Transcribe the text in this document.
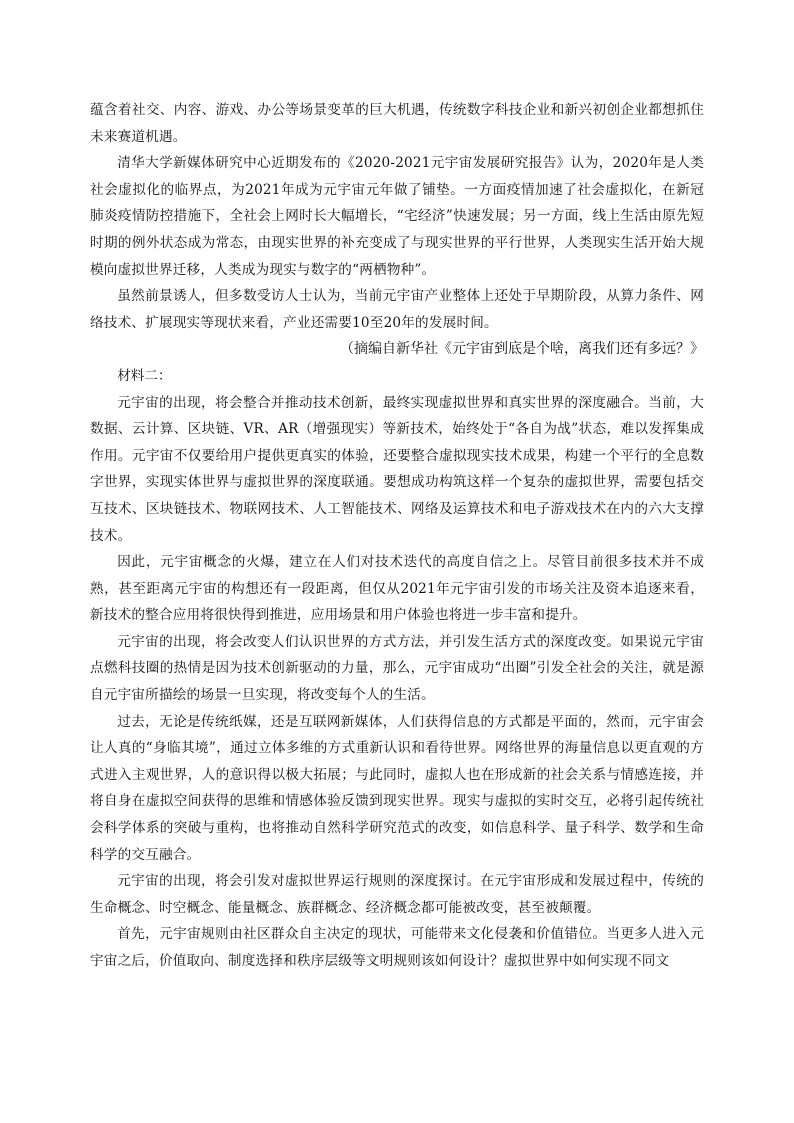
蕴含着社交、内容、游戏、办公等场景变革的巨大机遇，传统数字科技企业和新兴初创企业都想抓住未来赛道机遇。

清华大学新媒体研究中心近期发布的《2020-2021元宇宙发展研究报告》认为，2020年是人类社会虚拟化的临界点，为2021年成为元宇宙元年做了铺垫。一方面疫情加速了社会虚拟化，在新冠肺炎疫情防控措施下，全社会上网时长大幅增长，“宅经济”快速发展；另一方面，线上生活由原先短时期的例外状态成为常态，由现实世界的补充变成了与现实世界的平行世界，人类现实生活开始大规模向虚拟世界迁移，人类成为现实与数字的“两栖物种”。

虽然前景诱人，但多数受访人士认为，当前元宇宙产业整体上还处于早期阶段，从算力条件、网络技术、扩展现实等现状来看，产业还需要10至20年的发展时间。

（摘编自新华社《元宇宙到底是个啥，离我们还有多远？》

材料二：

元宇宙的出现，将会整合并推动技术创新，最终实现虚拟世界和真实世界的深度融合。当前，大数据、云计算、区块链、VR、AR（增强现实）等新技术，始终处于“各自为战”状态，难以发挥集成作用。元宇宙不仅要给用户提供更真实的体验，还要整合虚拟现实技术成果，构建一个平行的全息数字世界，实现实体世界与虚拟世界的深度联通。要想成功构筑这样一个复杂的虚拟世界，需要包括交互技术、区块链技术、物联网技术、人工智能技术、网络及运算技术和电子游戏技术在内的六大支撑技术。

因此，元宇宙概念的火爆，建立在人们对技术迭代的高度自信之上。尽管目前很多技术并不成熟，甚至距离元宇宙的构想还有一段距离，但仅从2021年元宇宙引发的市场关注及资本追逐来看，新技术的整合应用将很快得到推进，应用场景和用户体验也将进一步丰富和提升。

元宇宙的出现，将会改变人们认识世界的方式方法，并引发生活方式的深度改变。如果说元宇宙点燃科技圈的热情是因为技术创新驱动的力量，那么，元宇宙成功“出圈”引发全社会的关注，就是源自元宇宙所描绘的场景一旦实现，将改变每个人的生活。

过去，无论是传统纸媒，还是互联网新媒体，人们获得信息的方式都是平面的，然而，元宇宙会让人真的“身临其境”，通过立体多维的方式重新认识和看待世界。网络世界的海量信息以更直观的方式进入主观世界，人的意识得以极大拓展；与此同时，虚拟人也在形成新的社会关系与情感连接，并将自身在虚拟空间获得的思维和情感体验反馈到现实世界。现实与虚拟的实时交互，必将引起传统社会科学体系的突破与重构，也将推动自然科学研究范式的改变，如信息科学、量子科学、数学和生命科学的交互融合。

元宇宙的出现，将会引发对虚拟世界运行规则的深度探讨。在元宇宙形成和发展过程中，传统的生命概念、时空概念、能量概念、族群概念、经济概念都可能被改变，甚至被颠覆。

首先，元宇宙规则由社区群众自主决定的现状，可能带来文化侵袭和价值错位。当更多人进入元宇宙之后，价值取向、制度选择和秩序层级等文明规则该如何设计？虚拟世界中如何实现不同文
